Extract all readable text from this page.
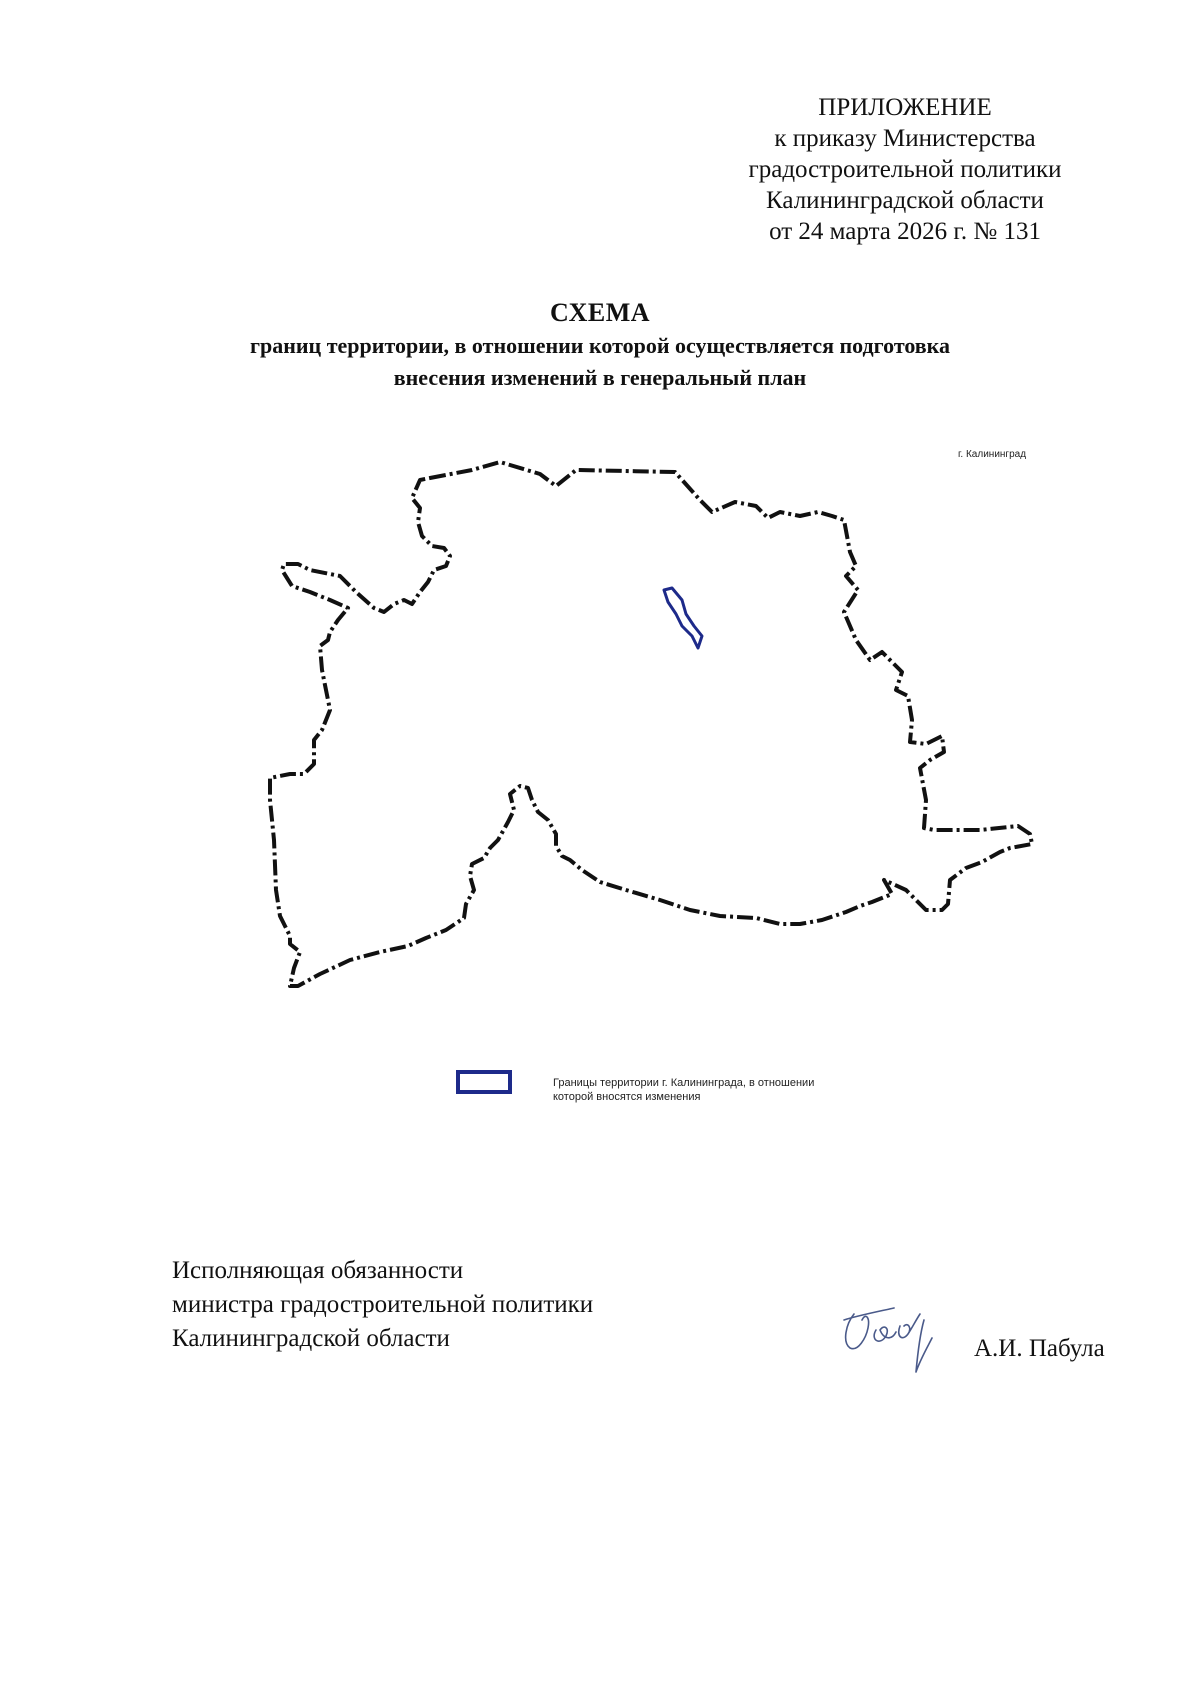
ПРИЛОЖЕНИЕ
к приказу Министерства
градостроительной политики
Калининградской области
от 24 марта 2026 г. № 131
СХЕМА
границ территории, в отношении которой осуществляется подготовка
внесения изменений в генеральный план
г. Калининград
Границы территории г. Калининграда, в отношении
которой вносятся изменения
Исполняющая обязанности
министра градостроительной политики
Калининградской области	А.И. Пабула
